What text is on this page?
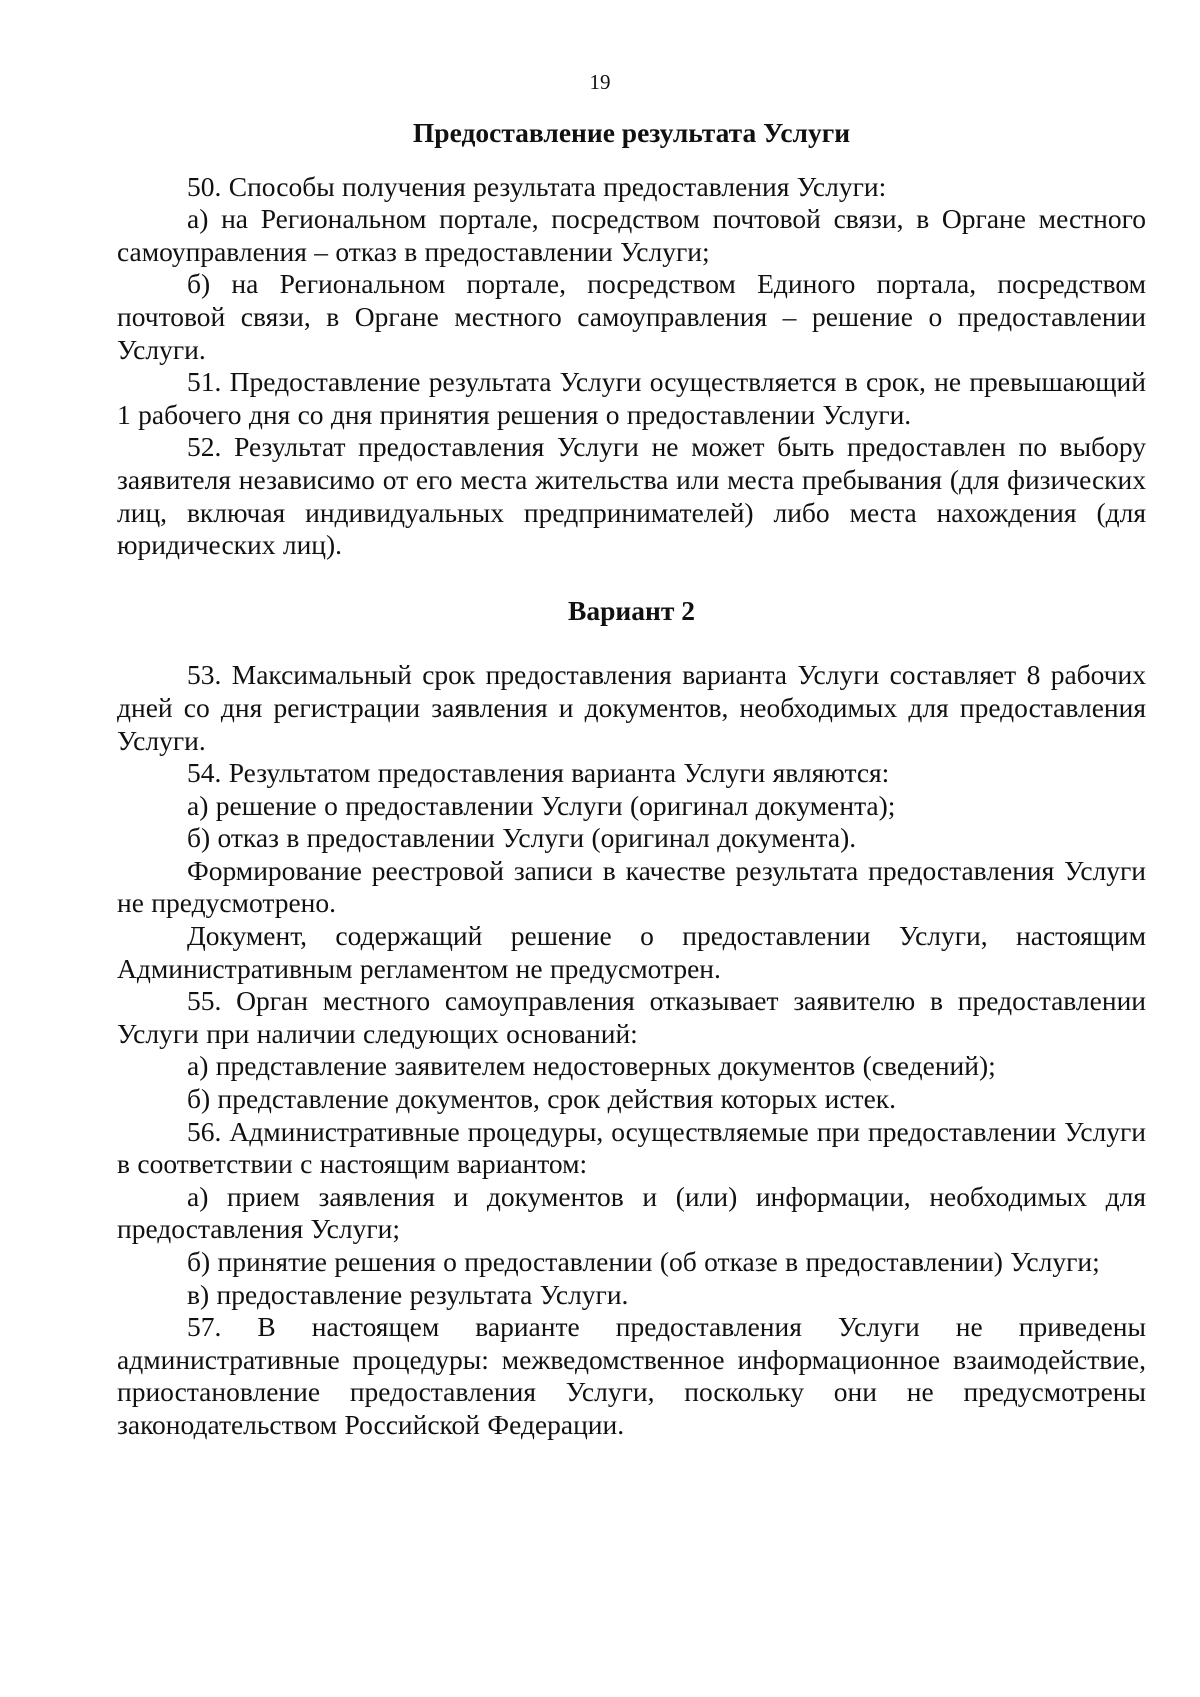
19
Предоставление результата Услуги

50. Способы получения результата предоставления Услуги:

а) на Региональном портале, посредством почтовой связи, в Органе местного самоуправления – отказ в предоставлении Услуги;

б) на Региональном портале, посредством Единого портала, посредством почтовой связи, в Органе местного самоуправления – решение о предоставлении Услуги.

51. Предоставление результата Услуги осуществляется в срок, не превышающий 1 рабочего дня со дня принятия решения о предоставлении Услуги.

52. Результат предоставления Услуги не может быть предоставлен по выбору заявителя независимо от его места жительства или места пребывания (для физических лиц, включая индивидуальных предпринимателей) либо места нахождения (для юридических лиц).

Вариант 2

53. Максимальный срок предоставления варианта Услуги составляет 8 рабочих дней со дня регистрации заявления и документов, необходимых для предоставления Услуги.

54. Результатом предоставления варианта Услуги являются:

а) решение о предоставлении Услуги (оригинал документа);

б) отказ в предоставлении Услуги (оригинал документа).

Формирование реестровой записи в качестве результата предоставления Услуги не предусмотрено.

Документ, содержащий решение о предоставлении Услуги, настоящим Административным регламентом не предусмотрен.

55. Орган местного самоуправления отказывает заявителю в предоставлении Услуги при наличии следующих оснований:

а) представление заявителем недостоверных документов (сведений);

б) представление документов, срок действия которых истек.

56. Административные процедуры, осуществляемые при предоставлении Услуги в соответствии с настоящим вариантом:

а) прием заявления и документов и (или) информации, необходимых для предоставления Услуги;

б) принятие решения о предоставлении (об отказе в предоставлении) Услуги;

в) предоставление результата Услуги.

57. В настоящем варианте предоставления Услуги не приведены административные процедуры: межведомственное информационное взаимодействие, приостановление предоставления Услуги, поскольку они не предусмотрены законодательством Российской Федерации.
